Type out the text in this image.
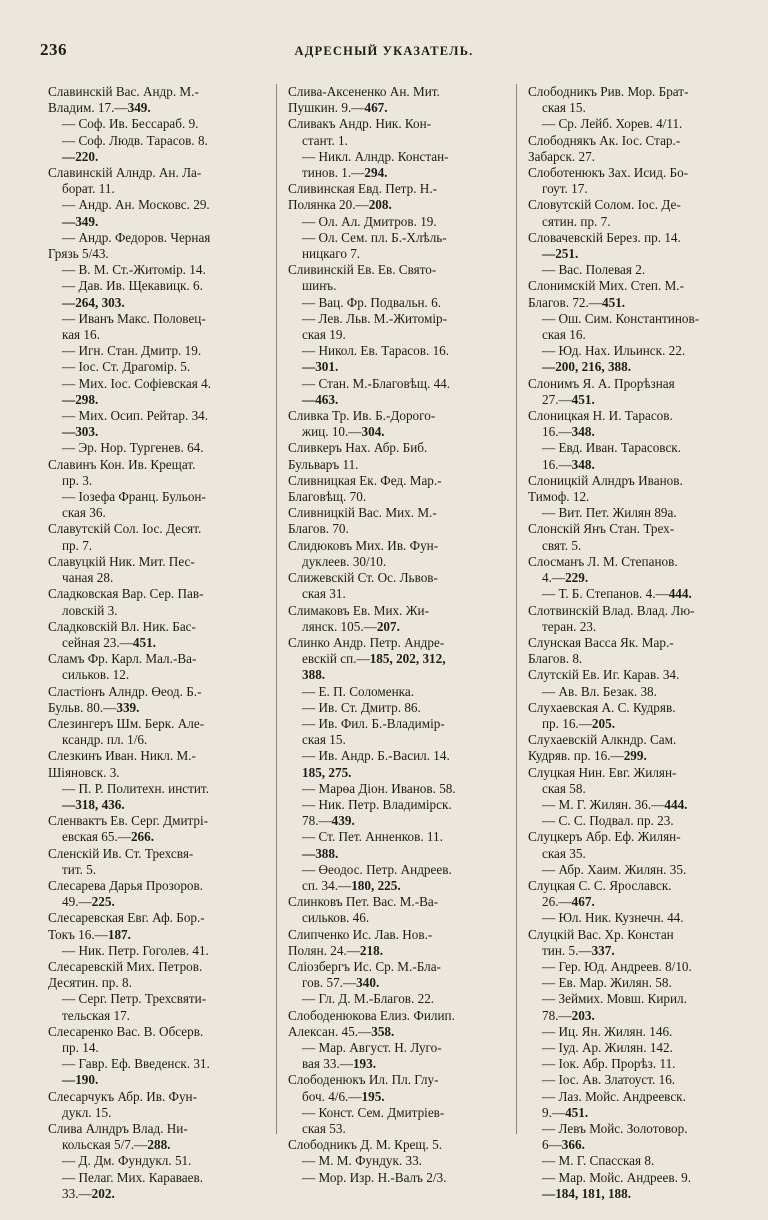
236	АДРЕСНЫЙ УКАЗАТЕЛЬ.
Славинскій Вас. Андр. М.-
Владим. 17.—349.
— Соф. Ив. Бессараб. 9.
— Соф. Людв. Тарасов. 8.
—220.
Славинскій Алндр. Ан. Ла-
борат. 11.
— Андр. Ан. Московс. 29.
—349.
— Андр. Федоров. Черная
Грязь 5/43.
— В. М. Ст.-Житомір. 14.
— Дав. Ив. Щекавицк. 6.
—264, 303.
— Иванъ Макс. Половец-
кая 16.
— Игн. Стан. Дмитр. 19.
— Іос. Ст. Драгоміp. 5.
— Мих. Іос. Софіевская 4.
—298.
— Мих. Осип. Рейтар. 34.
—303.
— Эр. Нор. Тургенев. 64.
Славинъ Кон. Ив. Крещат.
пр. 3.
— Іозефа Франц. Бульон-
ская 36.
Славутскій Сол. Іос. Десят.
пр. 7.
Славуцкій Ник. Мит. Пес-
чаная 28.
Сладковская Вар. Сер. Пав-
ловскій 3.
Сладковскій Вл. Ник. Бас-
сейная 23.—451.
Сламъ Фр. Карл. Мал.-Ва-
сильков. 12.
Сластіонъ Алндр. Өеод. Б.-
Бульв. 80.—339.
Слезингеръ Шм. Берк. Але-
ксандр. пл. 1/6.
Слезкинъ Иван. Никл. М.-
Шіяновск. 3.
— П. Р. Политехн. инстит.
—318, 436.
Сленвактъ Ев. Серг. Дмитрі-
евская 65.—266.
Сленскій Ив. Ст. Трехсвя-
тит. 5.
Слесарева Дарья Прозоров.
49.—225.
Слесаревская Евг. Аф. Бор.-
Токъ 16.—187.
— Ник. Петр. Гоголев. 41.
Слесаревскій Мих. Петров.
Десятин. пр. 8.
— Серг. Петр. Трехсвяти-
тельская 17.
Слесаренко Вас. В. Обсерв.
пр. 14.
— Гавр. Еф. Введенск. 31.
—190.
Слесарчукъ Абр. Ив. Фун-
дукл. 15.
Слива Алндръ Влад. Ни-
кольская 5/7.—288.
— Д. Дм. Фундукл. 51.
— Пелаг. Мих. Караваев.
33.—202.
Слива-Аксененко Ан. Мит.
Пушкин. 9.—467.
Сливакъ Андр. Ник. Кон-
стант. 1.
— Никл. Алндр. Констан-
тинов. 1.—294.
Сливинская Евд. Петр. Н.-
Полянка 20.—208.
— Ол. Ал. Дмитров. 19.
— Ол. Сем. пл. Б.-Хлѣль-
ницкаго 7.
Сливинскій Ев. Ев. Свято-
шинъ.
— Вац. Фр. Подвальн. 6.
— Лев. Льв. М.-Житомір-
ская 19.
— Никол. Ев. Тарасов. 16.
—301.
— Стан. М.-Благовѣщ. 44.
—463.
Сливка Тр. Ив. Б.-Дорого-
жиц. 10.—304.
Сливкеръ Нах. Абр. Биб.
Бульваръ 11.
Сливницкая Ек. Фед. Мар.-
Благовѣщ. 70.
Сливницкій Вас. Мих. М.-
Благов. 70.
Слидюковъ Мих. Ив. Фун-
дуклеев. 30/10.
Слижевскій Ст. Ос. Львов-
ская 31.
Слимаковъ Ев. Мих. Жи-
лянск. 105.—207.
Слинко Андр. Петр. Андре-
евскій сп.—185, 202, 312,
388.
— Е. П. Соломенка.
— Ив. Ст. Дмитр. 86.
— Ив. Фил. Б.-Владимір-
ская 15.
— Ив. Андр. Б.-Васил. 14.
185, 275.
— Марөа Діон. Иванов. 58.
— Ник. Петр. Владимірск.
78.—439.
— Ст. Пет. Анненков. 11.
—388.
— Өеодос. Петр. Андреев.
сп. 34.—180, 225.
Слинковъ Пет. Вас. М.-Ва-
сильков. 46.
Слипченко Ис. Лав. Нов.-
Полян. 24.—218.
Сліозбергъ Ис. Ср. М.-Бла-
гов. 57.—340.
— Гл. Д. М.-Благов. 22.
Слободенюкова Елиз. Филип.
Алексан. 45.—358.
— Мар. Август. Н. Луго-
вая 33.—193.
Слободенюкъ Ил. Пл. Глу-
боч. 4/6.—195.
— Конст. Сем. Дмитріев-
ская 53.
Слободникъ Д. М. Крещ. 5.
— М. М. Фундук. 33.
— Мор. Изр. Н.-Валъ 2/3.
Слободникъ Рив. Мор. Брат-
ская 15.
— Ср. Лейб. Хорев. 4/11.
Слободнякъ Ак. Іос. Стар.-
Забарск. 27.
Слоботенюкъ Зах. Исид. Бо-
гоут. 17.
Словутскій Солом. Іос. Де-
сятин. пр. 7.
Словачевскій Берез. пр. 14.
—251.
— Вас. Полевая 2.
Слонимскій Мих. Степ. М.-
Благов. 72.—451.
— Ош. Сим. Константинов-
ская 16.
— Юд. Нах. Ильинск. 22.
—200, 216, 388.
Слонимъ Я. А. Прорѣзная
27.—451.
Слоницкая Н. И. Тарасов.
16.—348.
— Евд. Иван. Тарасовск.
16.—348.
Слоницкій Алндръ Иванов.
Тимоф. 12.
— Вит. Пет. Жилян 89а.
Слонскій Янъ Стан. Трех-
свят. 5.
Слосманъ Л. М. Степанов.
4.—229.
— Т. Б. Степанов. 4.—444.
Слотвинскій Влад. Влад. Лю-
теран. 23.
Слунская Васса Як. Мар.-
Благов. 8.
Слутскій Ев. Иг. Карав. 34.
— Ав. Вл. Безак. 38.
Слухаевская А. С. Кудряв.
пр. 16.—205.
Слухаевскій Алкндр. Сам.
Кудряв. пр. 16.—299.
Слуцкая Нин. Евг. Жилян-
ская 58.
— М. Г. Жилян. 36.—444.
— С. С. Подвал. пр. 23.
Слуцкеръ Абр. Еф. Жилян-
ская 35.
— Абр. Хаим. Жилян. 35.
Слуцкая С. С. Ярославск.
26.—467.
— Юл. Ник. Кузнечн. 44.
Слуцкій Вас. Хр. Констан
тин. 5.—337.
— Гер. Юд. Андреев. 8/10.
— Ев. Мар. Жилян. 58.
— Зеймих. Мовш. Кирил.
78.—203.
— Иц. Ян. Жилян. 146.
— Іуд. Ар. Жилян. 142.
— Іок. Абр. Прорѣз. 11.
— Іос. Ав. Златоуст. 16.
— Лаз. Мойс. Андреевск.
9.—451.
— Левъ Мойс. Золотовор.
6—366.
— М. Г. Спасская 8.
— Мар. Мойс. Андреев. 9.
—184, 181, 188.
